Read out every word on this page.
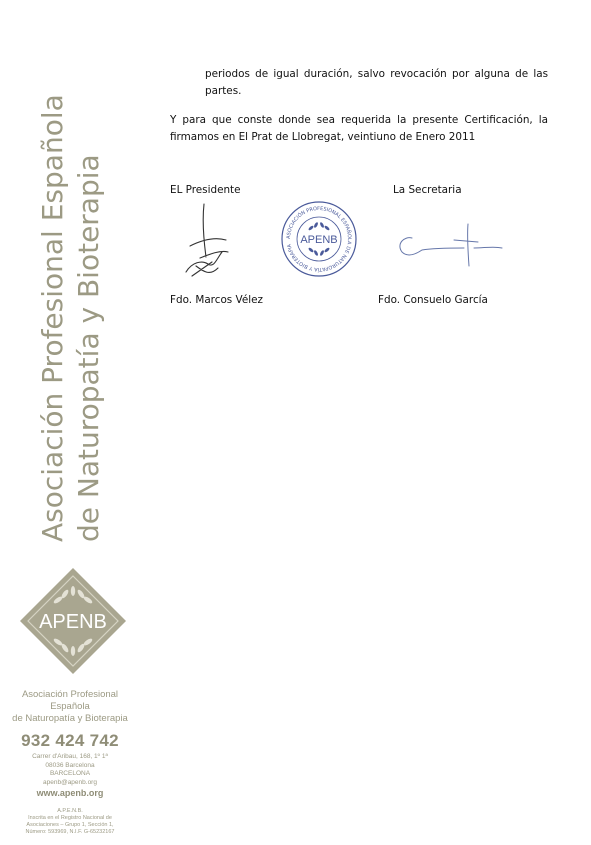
Asociación Profesional Española de Naturopatía y Bioterapia
APENB
Asociación Profesional Española
de Naturopatía y Bioterapia
932 424 742
Carrer d'Aribau, 168, 1º 1ª
08036 Barcelona
BARCELONA
apenb@apenb.org
www.apenb.org
A.P.E.N.B.
Inscrita en el Registro Nacional de
Asociaciones – Grupo 1, Sección 1,
Número: 593969, N.I.F. G-65232167
periodos de igual duración, salvo revocación por alguna de las partes.
Y para que conste donde sea requerida la presente Certificación, la firmamos en El Prat de Llobregat, veintiuno de Enero 2011
EL Presidente	La Secretaria
ASOCIACIÓN PROFESIONAL ESPAÑOLA DE NATUROPATÍA Y BIOTERAPIA APENB
Fdo. Marcos Vélez	Fdo. Consuelo García
